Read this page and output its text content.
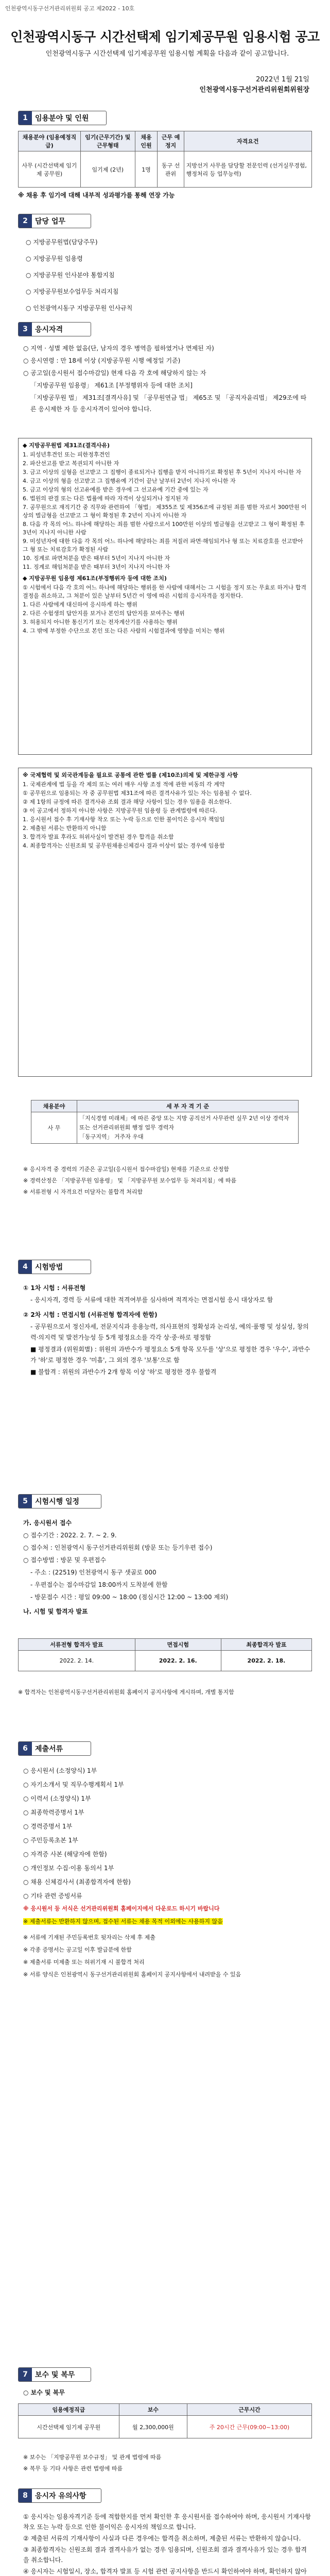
인천광역시동구선거관리위원회 공고 제2022 - 10호
인천광역시동구 시간선택제 임기제공무원 임용시험 공고
인천광역시동구 시간선택제 임기제공무원 임용시험 계획을 다음과 같이 공고합니다.
2022년 1월 21일
인천광역시동구선거관리위원회위원장
1	임용분야 및 인원
채용분야 (임용예정직급)	임기(근무기간) 및 근무형태	채용 인원	근무 예정지	자격요건
사무 (시간선택제 임기제 공무원)	임기제 (2년)	1명	동구 선관위	지방선거 사무를 담당할 전문인력 (선거실무경험, 행정처리 등 업무능력)
※ 채용 후 임기에 대해 내부적 성과평가를 통해 연장 가능
2	담당 업무
○ 지방공무원법(담당주무)
○ 지방공무원 임용령
○ 지방공무원 인사분야 통합지침
○ 지방공무원보수업무등 처리지침
○ 인천광역시동구 지방공무원 인사규칙
3	응시자격
○ 지역 · 성별 제한 없음(단, 남자의 경우 병역을 필하였거나 면제된 자)
○ 응시연령 : 만 18세 이상 (지방공무원 시행 예정일 기준)
○ 공고일(응시원서 접수마감일) 현재 다음 각 호에 해당하지 않는 자
「지방공무원 임용령」 제61조 [부정행위자 등에 대한 조치]
「지방공무원 법」 제31조[결격사유] 및 「공무원연금 법」 제65조 및 「공직자윤리법」 제29조에 따른 응시제한 자 등 응시자격이 있어야 합니다.
◆ 지방공무원법 제31조(결격사유)
1. 피성년후견인 또는 피한정후견인
2. 파산선고를 받고 복권되지 아니한 자
3. 금고 이상의 실형을 선고받고 그 집행이 종료되거나 집행을 받지 아니하기로 확정된 후 5년이 지나지 아니한 자
4. 금고 이상의 형을 선고받고 그 집행유예 기간이 끝난 날부터 2년이 지나지 아니한 자
5. 금고 이상의 형의 선고유예를 받은 경우에 그 선고유예 기간 중에 있는 자
6. 법원의 판결 또는 다른 법률에 따라 자격이 상실되거나 정지된 자
7. 공무원으로 재직기간 중 직무와 관련하여 「형법」 제355조 및 제356조에 규정된 죄를 범한 자로서 300만원 이상의 벌금형을 선고받고 그 형이 확정된 후 2년이 지나지 아니한 자
8. 다음 각 목의 어느 하나에 해당하는 죄를 범한 사람으로서 100만원 이상의 벌금형을 선고받고 그 형이 확정된 후 3년이 지나지 아니한 사람
9. 미성년자에 대한 다음 각 목의 어느 하나에 해당하는 죄를 저질러 파면·해임되거나 형 또는 치료감호를 선고받아 그 형 또는 치료감호가 확정된 사람
10. 징계로 파면처분을 받은 때부터 5년이 지나지 아니한 자
11. 징계로 해임처분을 받은 때부터 3년이 지나지 아니한 자
◆ 지방공무원 임용령 제61조(부정행위자 등에 대한 조치)
① 시험에서 다음 각 호의 어느 하나에 해당하는 행위를 한 사람에 대해서는 그 시험을 정지 또는 무효로 하거나 합격 결정을 취소하고, 그 처분이 있은 날부터 5년간 이 영에 따른 시험의 응시자격을 정지한다.
1. 다른 사람에게 대신하여 응시하게 하는 행위
2. 다른 수험생의 답안지를 보거나 본인의 답안지를 보여주는 행위
3. 허용되지 아니한 통신기기 또는 전자계산기를 사용하는 행위
4. 그 밖에 부정한 수단으로 본인 또는 다른 사람의 시험결과에 영향을 미치는 행위
※ 국제협력 및 외국관계등을 필요로 공통에 관한 법률 (제10조)의제 및 제한규정 사항
1. 국제관계에 법 등을 각 제의 또는 여러 매우 사항 조정 적에 관한 비동의 각 계약
① 공무원으로 임용되는 자 중 공무원법 제31조에 따른 결격사유가 있는 자는 임용될 수 없다.
② 제 1항의 규정에 따른 결격사유 조회 결과 해당 사항이 있는 경우 임용을 취소한다.
③ 이 공고에서 정하지 아니한 사항은 지방공무원 임용령 등 관계법령에 따른다.
1. 응시원서 접수 후 기재사항 착오 또는 누락 등으로 인한 불이익은 응시자 책임임
2. 제출된 서류는 반환하지 아니함
3. 합격자 발표 후라도 허위사실이 발견된 경우 합격을 취소함
4. 최종합격자는 신원조회 및 공무원채용신체검사 결과 이상이 없는 경우에 임용함
채용분야	세 부 자 격 기 준
사 무	「지식경영 미래체」에 따른 중앙 또는 지방 공직선거 사무관련 실무 2년 이상 경력자
또는 선거관리위원회 행정 업무 경력자
「동구지역」 거주자 우대
※ 응시자격 중 경력의 기준은 공고일(응시원서 접수마감일) 현재를 기준으로 산정함
※ 경력산정은 「지방공무원 임용령」 및 「지방공무원 보수업무 등 처리지침」에 따름
※ 서류전형 시 자격요건 미달자는 불합격 처리함
4	시험방법
① 1차 시험 : 서류전형
- 응시자격, 경력 등 서류에 대한 적격여부를 심사하며 적격자는 면접시험 응시 대상자로 함
② 2차 시험 : 면접시험 (서류전형 합격자에 한함)
- 공무원으로서 정신자세, 전문지식과 응용능력, 의사표현의 정확성과 논리성, 예의·품행 및 성실성, 창의력·의지력 및 발전가능성 등 5개 평정요소를 각각 상·중·하로 평정함
■ 평정결과 (위원회별) : 위원의 과반수가 평정요소 5개 항목 모두를 '상'으로 평정한 경우 '우수', 과반수가 '하'로 평정한 경우 '미흡', 그 외의 경우 '보통'으로 함
■ 불합격 : 위원의 과반수가 2개 항목 이상 '하'로 평정한 경우 불합격
5	시험시행 일정
가. 응시원서 접수
○ 접수기간 : 2022. 2. 7. ~ 2. 9.
○ 접수처 : 인천광역시 동구선거관리위원회 (방문 또는 등기우편 접수)
○ 접수방법 : 방문 및 우편접수
- 주소 : (22519) 인천광역시 동구 샛골로 000
- 우편접수는 접수마감일 18:00까지 도착분에 한함
- 방문접수 시간 : 평일 09:00 ~ 18:00 (점심시간 12:00 ~ 13:00 제외)
나. 시험 및 합격자 발표
서류전형 합격자 발표	면접시험	최종합격자 발표
2022. 2. 14.	2022. 2. 16.	2022. 2. 18.
※ 합격자는 인천광역시동구선거관리위원회 홈페이지 공지사항에 게시하며, 개별 통지함
6	제출서류
○ 응시원서 (소정양식) 1부
○ 자기소개서 및 직무수행계획서 1부
○ 이력서 (소정양식) 1부
○ 최종학력증명서 1부
○ 경력증명서 1부
○ 주민등록초본 1부
○ 자격증 사본 (해당자에 한함)
○ 개인정보 수집·이용 동의서 1부
○ 채용 신체검사서 (최종합격자에 한함)
○ 기타 관련 증빙서류
※ 응시원서 등 서식은 선거관리위원회 홈페이지에서 다운로드 하시기 바랍니다
※ 제출서류는 반환하지 않으며, 접수된 서류는 채용 목적 이외에는 사용하지 않음
※ 서류에 기재된 주민등록번호 뒷자리는 삭제 후 제출
※ 각종 증명서는 공고일 이후 발급분에 한함
※ 제출서류 미제출 또는 허위기재 시 불합격 처리
※ 서류 양식은 인천광역시 동구선거관리위원회 홈페이지 공지사항에서 내려받을 수 있음
7	보수 및 복무
○ 보수 및 복무
임용예정직급	보수	근무시간
시간선택제 임기제 공무원	월 2,300,000원	주 20시간 근무(09:00~13:00)
※ 보수는 「지방공무원 보수규정」 및 관계 법령에 따름
※ 복무 등 기타 사항은 관련 법령에 따름
8	응시자 유의사항
① 응시자는 임용자격기준 등에 적합한지를 먼저 확인한 후 응시원서를 접수하여야 하며, 응시원서 기재사항 착오 또는 누락 등으로 인한 불이익은 응시자의 책임으로 합니다.
② 제출된 서류의 기재사항이 사실과 다른 경우에는 합격을 취소하며, 제출된 서류는 반환하지 않습니다.
③ 최종합격자는 신원조회 결과 결격사유가 없는 경우 임용되며, 신원조회 결과 결격사유가 있는 경우 합격을 취소합니다.
④ 응시자는 시험일시, 장소, 합격자 발표 등 시험 관련 공지사항을 반드시 확인하여야 하며, 확인하지 않아
